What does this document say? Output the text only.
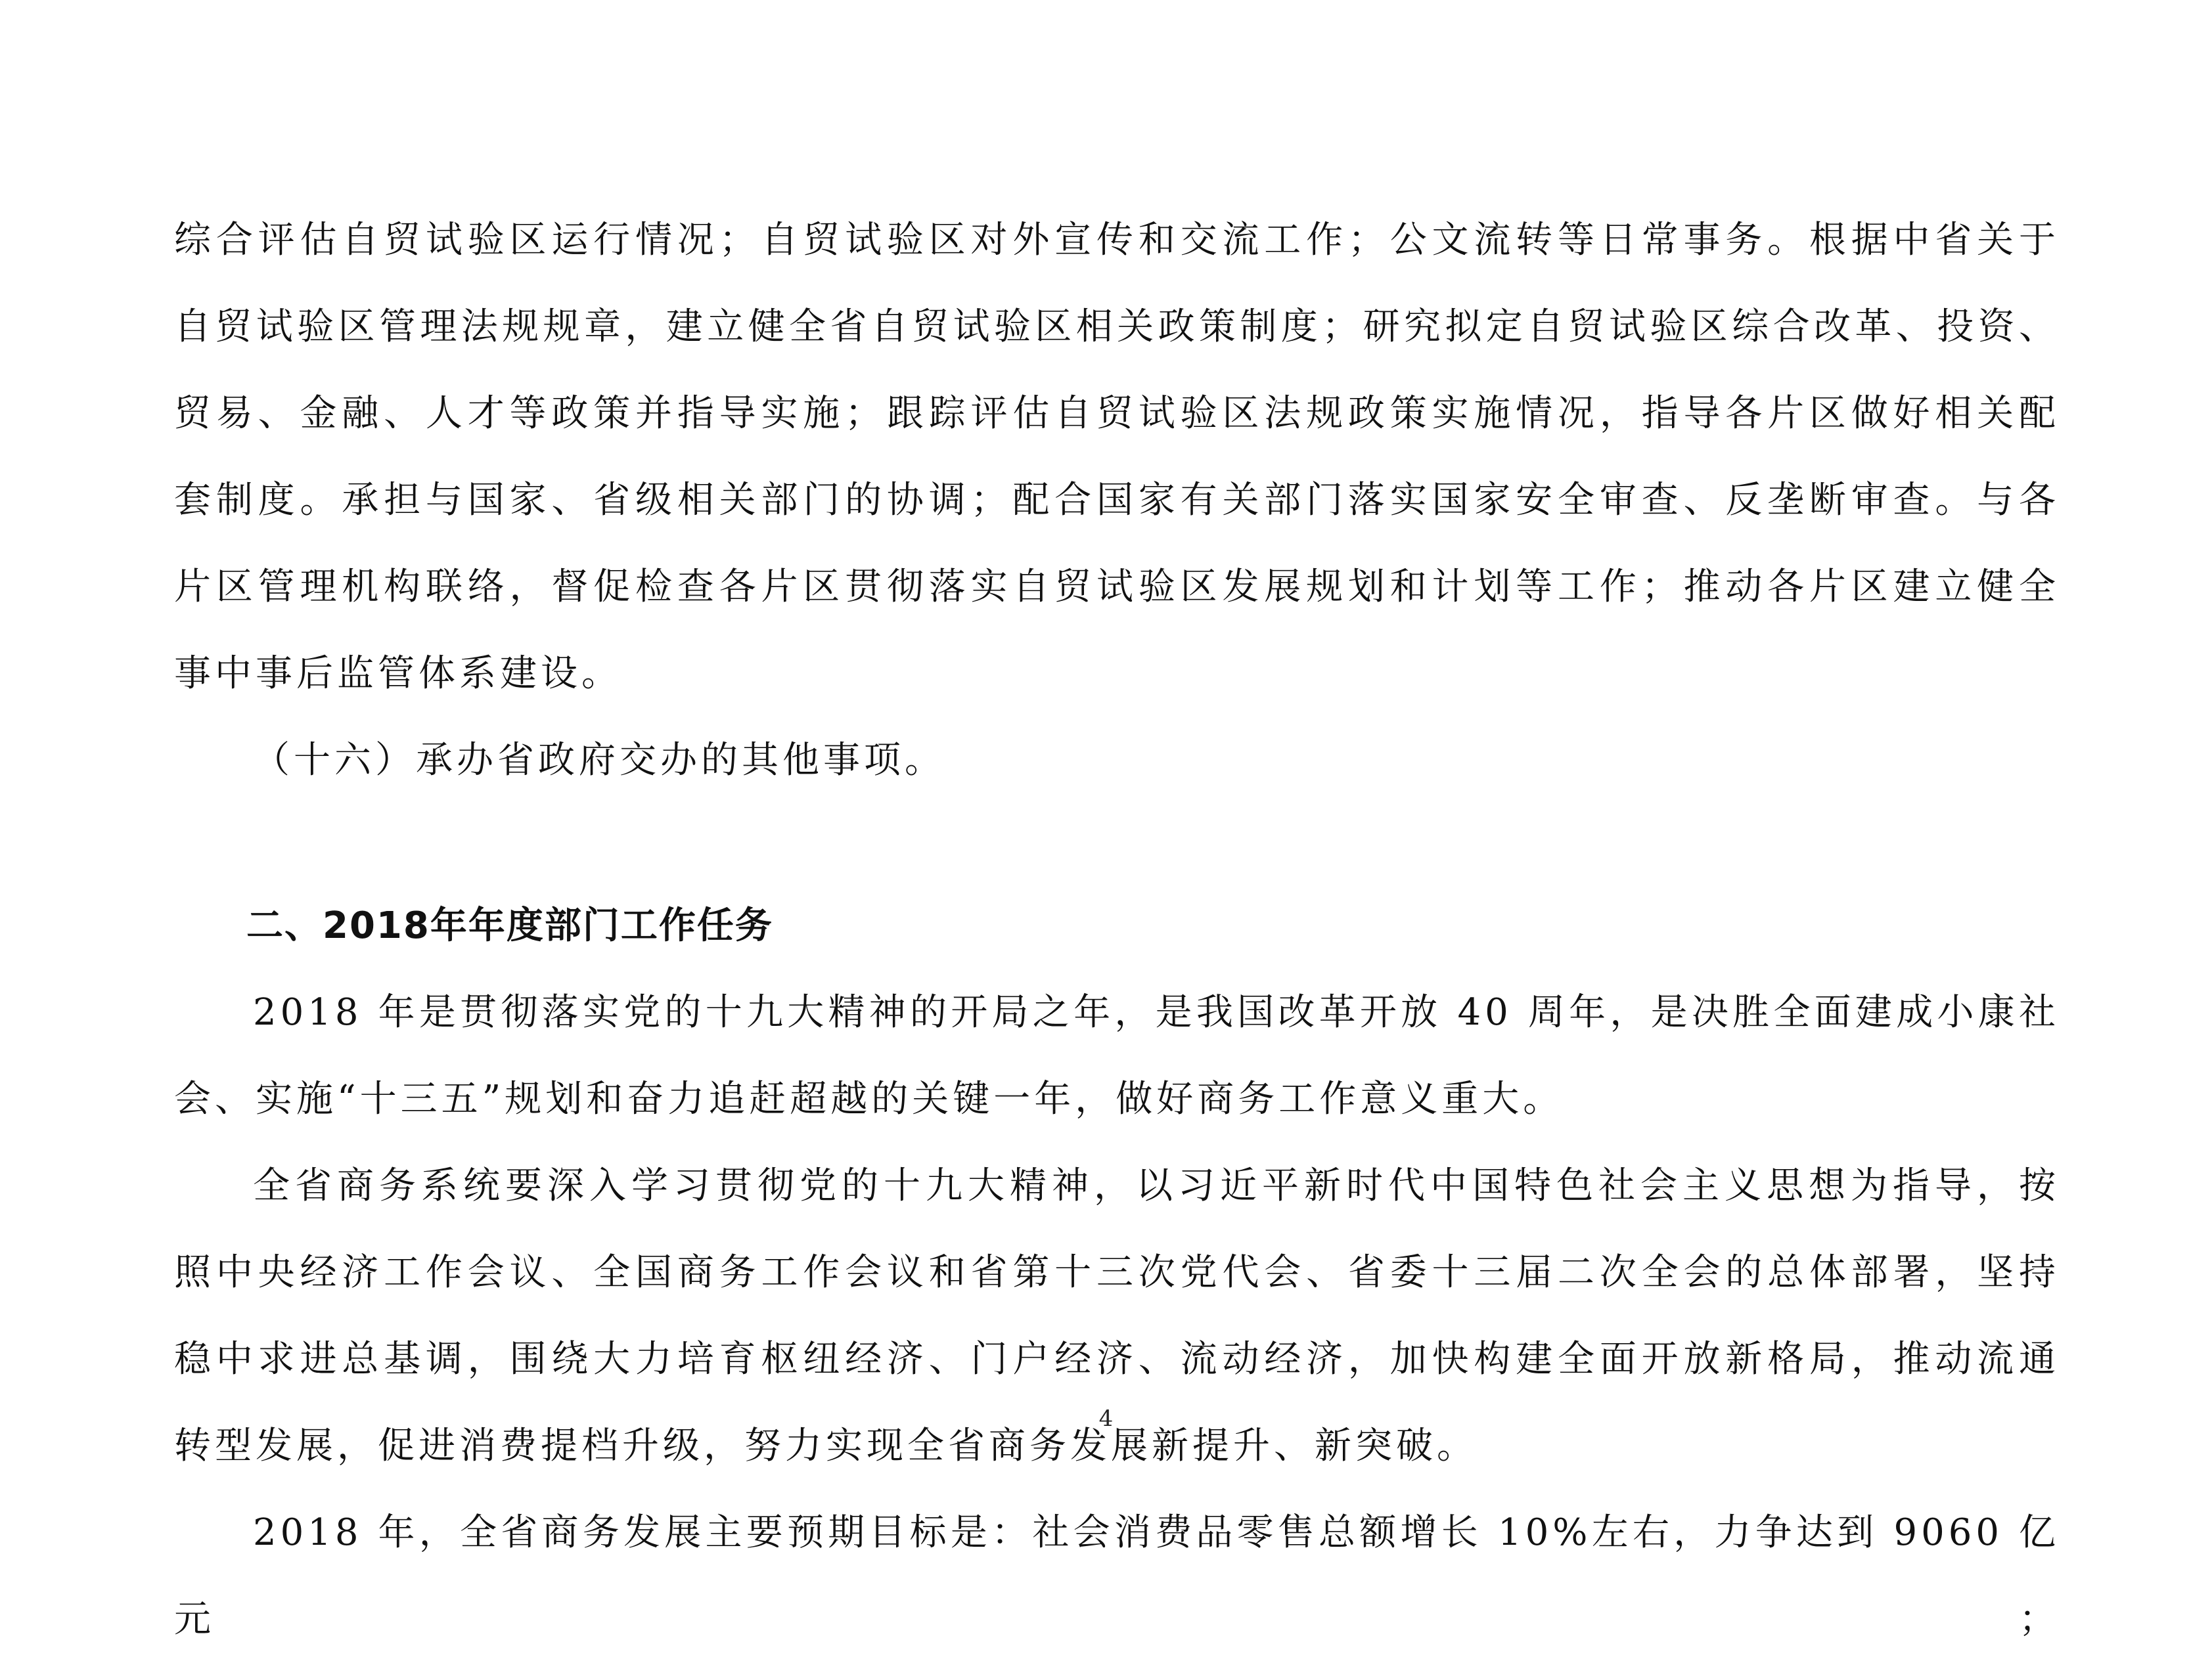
综合评估自贸试验区运行情况；自贸试验区对外宣传和交流工作；公文流转等日常事务。根据中省关于

自贸试验区管理法规规章，建立健全省自贸试验区相关政策制度；研究拟定自贸试验区综合改革、投资、

贸易、金融、人才等政策并指导实施；跟踪评估自贸试验区法规政策实施情况，指导各片区做好相关配

套制度。承担与国家、省级相关部门的协调；配合国家有关部门落实国家安全审查、反垄断审查。与各

片区管理机构联络，督促检查各片区贯彻落实自贸试验区发展规划和计划等工作；推动各片区建立健全

事中事后监管体系建设。

（十六）承办省政府交办的其他事项。

二、2018年年度部门工作任务

2018 年是贯彻落实党的十九大精神的开局之年，是我国改革开放 40 周年，是决胜全面建成小康社

会、实施“十三五”规划和奋力追赶超越的关键一年，做好商务工作意义重大。

全省商务系统要深入学习贯彻党的十九大精神，以习近平新时代中国特色社会主义思想为指导，按

照中央经济工作会议、全国商务工作会议和省第十三次党代会、省委十三届二次全会的总体部署，坚持

稳中求进总基调，围绕大力培育枢纽经济、门户经济、流动经济，加快构建全面开放新格局，推动流通

转型发展，促进消费提档升级，努力实现全省商务发展新提升、新突破。

2018 年，全省商务发展主要预期目标是：社会消费品零售总额增长 10%左右，力争达到 9060 亿元；

4
